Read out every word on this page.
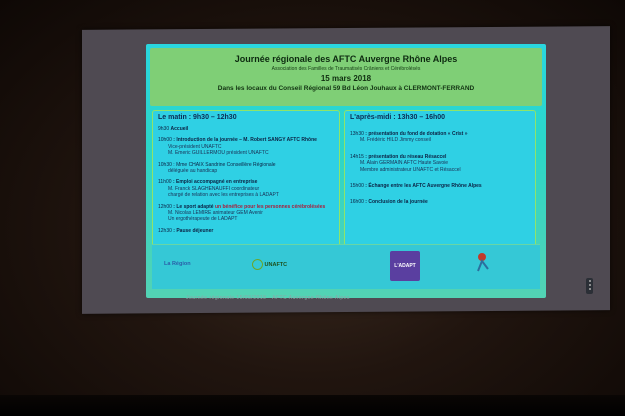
Journée régionale des AFTC Auvergne Rhône Alpes
Association des Familles de Traumatisés Crâniens et Cérébrolésés
15 mars 2018
Dans les locaux du Conseil Régional 59 Bd Léon Jouhaux à CLERMONT-FERRAND
Le matin : 9h30 – 12h30
9h30 Accueil
10h00 : Introduction de la journée – M. Robert SANGY AFTC Rhône
Vice-président UNAFTC
M. Emeric GUILLERMOU président UNAFTC
10h30 : Mme CHAIX Sandrine Conseillère Régionale
déléguée au handicap
11h00 : Emploi accompagné en entreprise
M. Franck SLAGHENAUFFI coordinateur
chargé de relation avec les entreprises à LADAPT
12h00 : Le sport adapté un bénéfice pour les personnes cérébrolésées
M. Nicolas LEMIRE animateur GEM Avenir
Un ergothérapeute de LADAPT
12h30 : Pause déjeuner
L'après-midi : 13h30 – 16h00
13h30 : présentation du fond de dotation « Crist »
M. Frédéric HILD Jimmy conseil
14h15 : présentation du réseau Résaccel
M. Alain GERMAIN AFTC Haute Savoie
Membre administrateur UNAFTC et Résaccel
15h00 : Échange entre les AFTC Auvergne Rhône Alpes
16h00 : Conclusion de la journée
La Région	UNAFTC	L'ADAPT
Journée régionale 15/03/2018 · AFTC Auvergne Rhône Alpes
